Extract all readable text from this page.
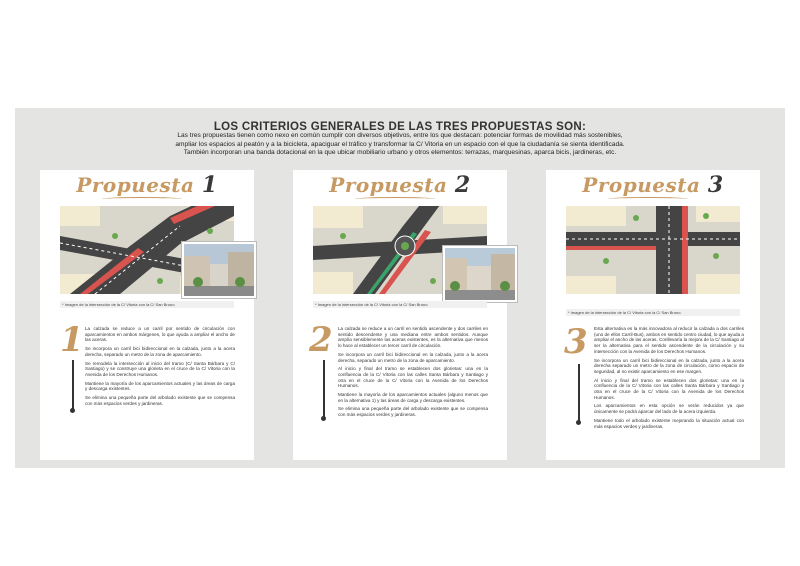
LOS CRITERIOS GENERALES DE LAS TRES PROPUESTAS SON:
Las tres propuestas tienen como nexo en común cumplir con diversos objetivos, entre los que destacan: potenciar formas de movilidad más sostenibles,
ampliar los espacios al peatón y a la bicicleta, apaciguar el tráfico y transformar la C/ Vitoria en un espacio con el que la ciudadanía se sienta identificada.
También incorporan una banda dotacional en la que ubicar mobiliario urbano y otros elementos: terrazas, marquesinas, aparca bicis, jardineras, etc.
Propuesta 1
* Imagen de la intersección de la C/ Vitoria con la C/ San Bruno.
1 La calzada se reduce a un carril por sentido de circulación con aparcamientos en ambos márgenes, lo que ayuda a ampliar el ancho de las aceras.

Se incorpora un carril bici bidireccional en la calzada, junto a la acera derecha, separado un metro de la zona de aparcamiento.

Se remodela la intersección al inicio del tramo (C/ Santa Bárbara y C/ Santiago) y se construye una glorieta en el cruce de la C/ Vitoria con la Avenida de los Derechos Humanos.

Mantiene la mayoría de los aparcamientos actuales y las áreas de carga y descarga existentes.

Se elimina una pequeña parte del arbolado existente que se compensa con más espacios verdes y jardineras.

Propuesta 2
* Imagen de la intersección de la C/ Vitoria con la C/ San Bruno.
2 La calzada se reduce a un carril en sentido ascendente y dos carriles en sentido descendente y una mediana entre ambos sentidos. Aunque amplía sensiblemente las aceras existentes, es la alternativa que menos lo hace al establecer un tercer carril de circulación.

Se incorpora un carril bici bidireccional en la calzada, junto a la acera derecha, separado un metro de la zona de aparcamiento.

Al inicio y final del tramo se establecen dos glorietas: una en la confluencia de la C/ Vitoria con las calles Santa Bárbara y Santiago y otra en el cruce de la C/ Vitoria con la Avenida de los Derechos Humanos.

Mantiene la mayoría de los aparcamientos actuales (alguno menos que en la alternativa 1) y las áreas de carga y descarga existentes.

Se elimina una pequeña parte del arbolado existente que se compensa con más espacios verdes y jardineras.

Propuesta 3
* Imagen de la intersección de la C/ Vitoria con la C/ San Bruno.
3 Esta alternativa es la más innovadora al reducir la calzada a dos carriles (uno de ellos Carril-Bus), ambos en sentido centro ciudad, lo que ayuda a ampliar el ancho de las aceras. Conllevaría la mejora de la C/ Santiago al ser la alternativa para el sentido ascendente de la circulación y su intersección con la Avenida de los Derechos Humanos.

Se incorpora un carril bici bidireccional en la calzada, junto a la acera derecha separado un metro de la zona de circulación, como espacio de seguridad, al no existir aparcamiento en ese margen.

Al inicio y final del tramo se establecen dos glorietas: una en la confluencia de la C/ Vitoria con las calles Santa Bárbara y Santiago y otra en el cruce de la C/ Vitoria con la Avenida de los Derechos Humanos.

Los aparcamientos en esta opción se verán reducidos ya que únicamente se podrá aparcar del lado de la acera izquierda.

Mantiene todo el arbolado existente mejorando la situación actual con más espacios verdes y jardineras.
